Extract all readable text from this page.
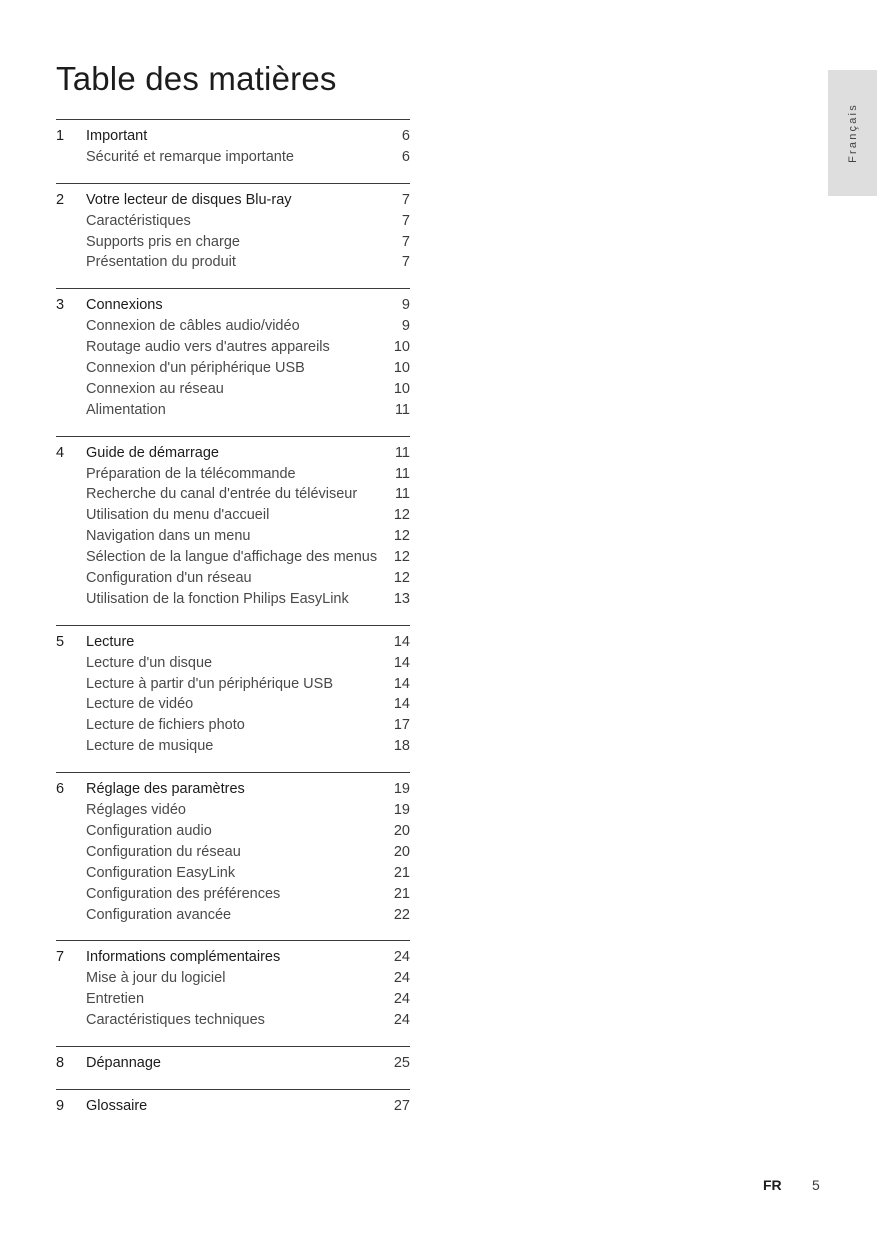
Table des matières
Français
1	Important	6
Sécurité et remarque importante	6
2	Votre lecteur de disques Blu-ray	7
Caractéristiques	7
Supports pris en charge	7
Présentation du produit	7
3	Connexions	9
Connexion de câbles audio/vidéo	9
Routage audio vers d'autres appareils	10
Connexion d'un périphérique USB	10
Connexion au réseau	10
Alimentation	11
4	Guide de démarrage	11
Préparation de la télécommande	11
Recherche du canal d'entrée du téléviseur	11
Utilisation du menu d'accueil	12
Navigation dans un menu	12
Sélection de la langue d'affichage des menus	12
Configuration d'un réseau	12
Utilisation de la fonction Philips EasyLink	13
5	Lecture	14
Lecture d'un disque	14
Lecture à partir d'un périphérique USB	14
Lecture de vidéo	14
Lecture de fichiers photo	17
Lecture de musique	18
6	Réglage des paramètres	19
Réglages vidéo	19
Configuration audio	20
Configuration du réseau	20
Configuration EasyLink	21
Configuration des préférences	21
Configuration avancée	22
7	Informations complémentaires	24
Mise à jour du logiciel	24
Entretien	24
Caractéristiques techniques	24
8	Dépannage	25
9	Glossaire	27
FR 5
